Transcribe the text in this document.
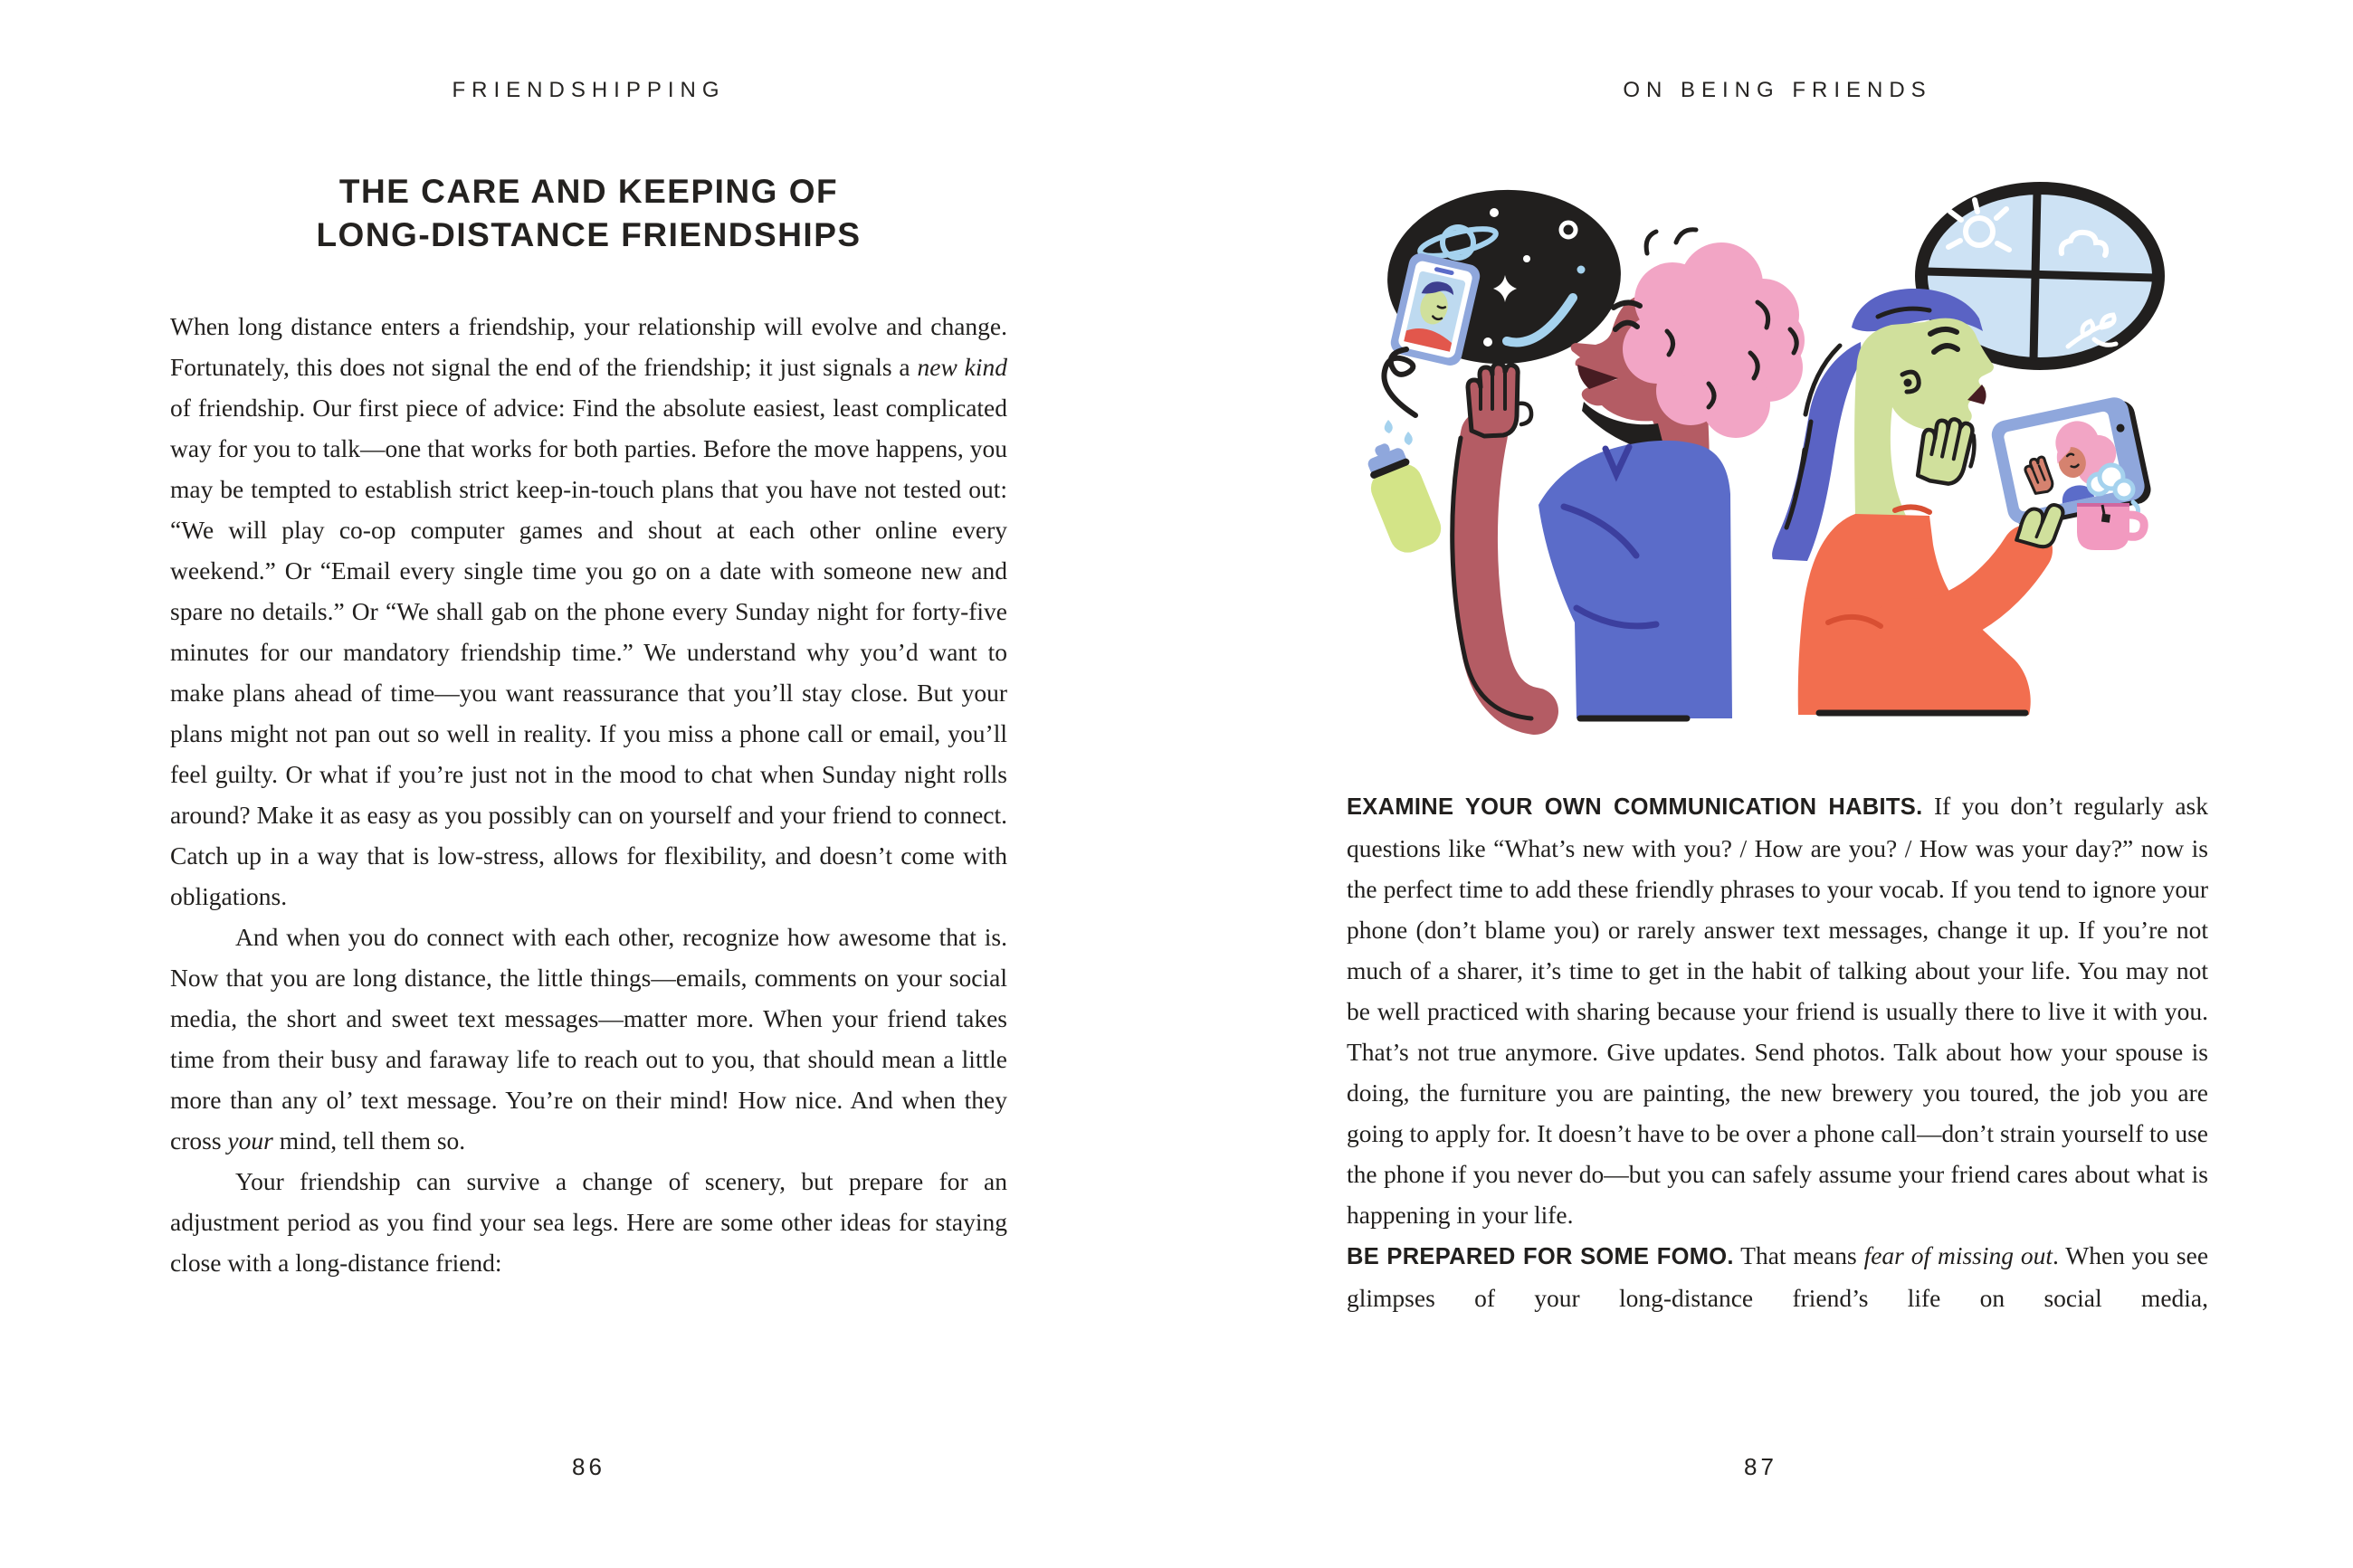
FRIENDSHIPPING

THE CARE AND KEEPING OF
LONG-DISTANCE FRIENDSHIPS

When long distance enters a friendship, your relationship will evolve and change. Fortunately, this does not signal the end of the friendship; it just signals a new kind of friendship. Our first piece of advice: Find the absolute easiest, least complicated way for you to talk—one that works for both parties. Before the move happens, you may be tempted to establish strict keep-in-touch plans that you have not tested out: “We will play co-op computer games and shout at each other online every weekend.” Or “Email every single time you go on a date with someone new and spare no details.” Or “We shall gab on the phone every Sunday night for forty-five minutes for our mandatory friendship time.” We understand why you’d want to make plans ahead of time—you want reassurance that you’ll stay close. But your plans might not pan out so well in reality. If you miss a phone call or email, you’ll feel guilty. Or what if you’re just not in the mood to chat when Sunday night rolls around? Make it as easy as you possibly can on yourself and your friend to connect. Catch up in a way that is low-stress, allows for flexibility, and doesn’t come with obligations.

And when you do connect with each other, recognize how awesome that is. Now that you are long distance, the little things—emails, comments on your social media, the short and sweet text messages—matter more. When your friend takes time from their busy and faraway life to reach out to you, that should mean a little more than any ol’ text message. You’re on their mind! How nice. And when they cross your mind, tell them so.

Your friendship can survive a change of scenery, but prepare for an adjustment period as you find your sea legs. Here are some other ideas for staying close with a long-distance friend:

86

ON BEING FRIENDS

EXAMINE YOUR OWN COMMUNICATION HABITS. If you don’t regularly ask questions like “What’s new with you? / How are you? / How was your day?” now is the perfect time to add these friendly phrases to your vocab. If you tend to ignore your phone (don’t blame you) or rarely answer text messages, change it up. If you’re not much of a sharer, it’s time to get in the habit of talking about your life. You may not be well practiced with sharing because your friend is usually there to live it with you. That’s not true anymore. Give updates. Send photos. Talk about how your spouse is doing, the furniture you are painting, the new brewery you toured, the job you are going to apply for. It doesn’t have to be over a phone call—don’t strain yourself to use the phone if you never do—but you can safely assume your friend cares about what is happening in your life.

BE PREPARED FOR SOME FOMO. That means fear of missing out. When you see glimpses of your long-distance friend’s life on social media,

87
